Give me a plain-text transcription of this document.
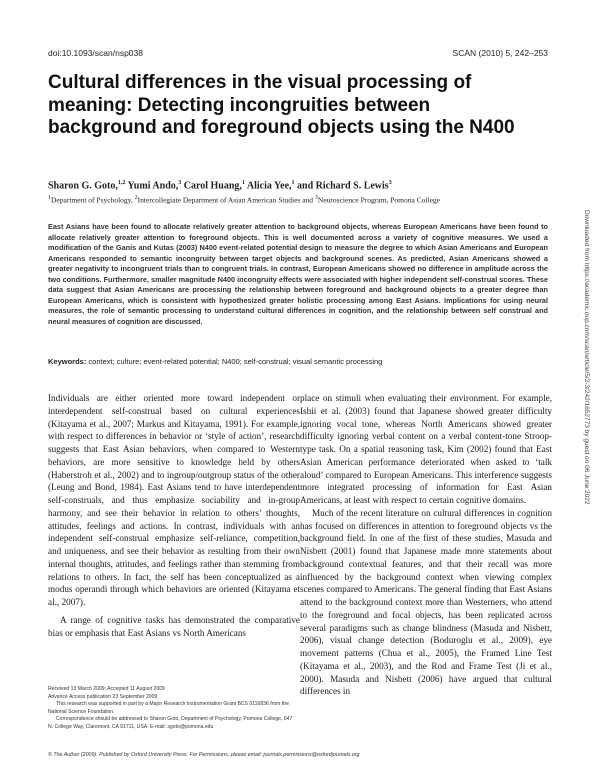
doi:10.1093/scan/nsp038	SCAN (2010) 5, 242–253
Cultural differences in the visual processing of meaning: Detecting incongruities between background and foreground objects using the N400
Sharon G. Goto,$^{1,2}$ Yumi Ando,$^3$ Carol Huang,$^1$ Alicia Yee,$^1$ and Richard S. Lewis$^3$
$^1$Department of Psychology, $^2$Intercollegiate Department of Asian American Studies and $^3$Neuroscience Program, Pomona College

East Asians have been found to allocate relatively greater attention to background objects, whereas European Americans have been found to allocate relatively greater attention to foreground objects. This is well documented across a variety of cognitive measures. We used a modification of the Ganis and Kutas (2003) N400 event-related potential design to measure the degree to which Asian Americans and European Americans responded to semantic incongruity between target objects and background scenes. As predicted, Asian Americans showed a greater negativity to incongruent trials than to congruent trials. In contrast, European Americans showed no difference in amplitude across the two conditions. Furthermore, smaller magnitude N400 incongruity effects were associated with higher independent self-construal scores. These data suggest that Asian Americans are processing the relationship between foreground and background objects to a greater degree than European Americans, which is consistent with hypothesized greater holistic processing among East Asians. Implications for using neural measures, the role of semantic processing to understand cultural differences in cognition, and the relationship between self construal and neural measures of cognition are discussed.

Keywords: context; culture; event-related potential; N400; self-construal; visual semantic processing

Individuals are either oriented more toward independent or interdependent self-construal based on cultural experiences (Kitayama et al., 2007; Markus and Kitayama, 1991). For example, with respect to differences in behavior or ‘style of action’, research suggests that East Asian behaviors, when compared to Western behaviors, are more sensitive to knowledge held by others (Haberstroh et al., 2002) and to ingroup/outgroup status of the other (Leung and Bond, 1984). East Asians tend to have interdependent self-construals, and thus emphasize sociability and in-group harmony, and see their behavior in relation to others’ thoughts, attitudes, feelings and actions. In contrast, individuals with an independent self-construal emphasize self-reliance, competition, and uniqueness, and see their behavior as resulting from their own internal thoughts, attitudes, and feelings rather than stemming from relations to others. In fact, the self has been conceptualized as a modus operandi through which behaviors are oriented (Kitayama et al., 2007).

A range of cognitive tasks has demonstrated the comparative bias or emphasis that East Asians vs North Americans

place on stimuli when evaluating their environment. For example, Ishii et al. (2003) found that Japanese showed greater difficulty ignoring vocal tone, whereas North Americans showed greater difficulty ignoring verbal content on a verbal content-tone Stroop-type task. On a spatial reasoning task, Kim (2002) found that East Asian American performance deteriorated when asked to ‘talk aloud’ compared to European Americans. This interference suggests more integrated processing of information for East Asian Americans, at least with respect to certain cognitive domains.

Much of the recent literature on cultural differences in cognition has focused on differences in attention to foreground objects vs the background field. In one of the first of these studies, Masuda and Nisbett (2001) found that Japanese made more statements about background contextual features, and that their recall was more influenced by the background context when viewing complex scenes compared to Americans. The general finding that East Asians attend to the background context more than Westerners, who attend to the foreground and focal objects, has been replicated across several paradigms such as change blindness (Masuda and Nisbett, 2006), visual change detection (Boduroglu et al., 2009), eye movement patterns (Chua et al., 2005), the Framed Line Test (Kitayama et al., 2003), and the Rod and Frame Test (Ji et al., 2000). Masuda and Nisbett (2006) have argued that cultural differences in

Received 13 March 2009; Accepted 11 August 2009
Advance Access publication 23 September 2009
This research was supported in part by a Major Research Instrumentation Grant BCS 0116836 from the National Science Foundation.
Correspondence should be addressed to Sharon Goto, Department of Psychology, Pomona College, 647 N. College Way, Claremont, CA 91711, USA. E-mail: sgoto@pomona.edu
© The Author (2009). Published by Oxford University Press. For Permissions, please email: journals.permissions@oxfordjournals.org
Downloaded from https://academic.oup.com/scan/article/5/2-3/242/1652773 by guest on 06 June 2022
